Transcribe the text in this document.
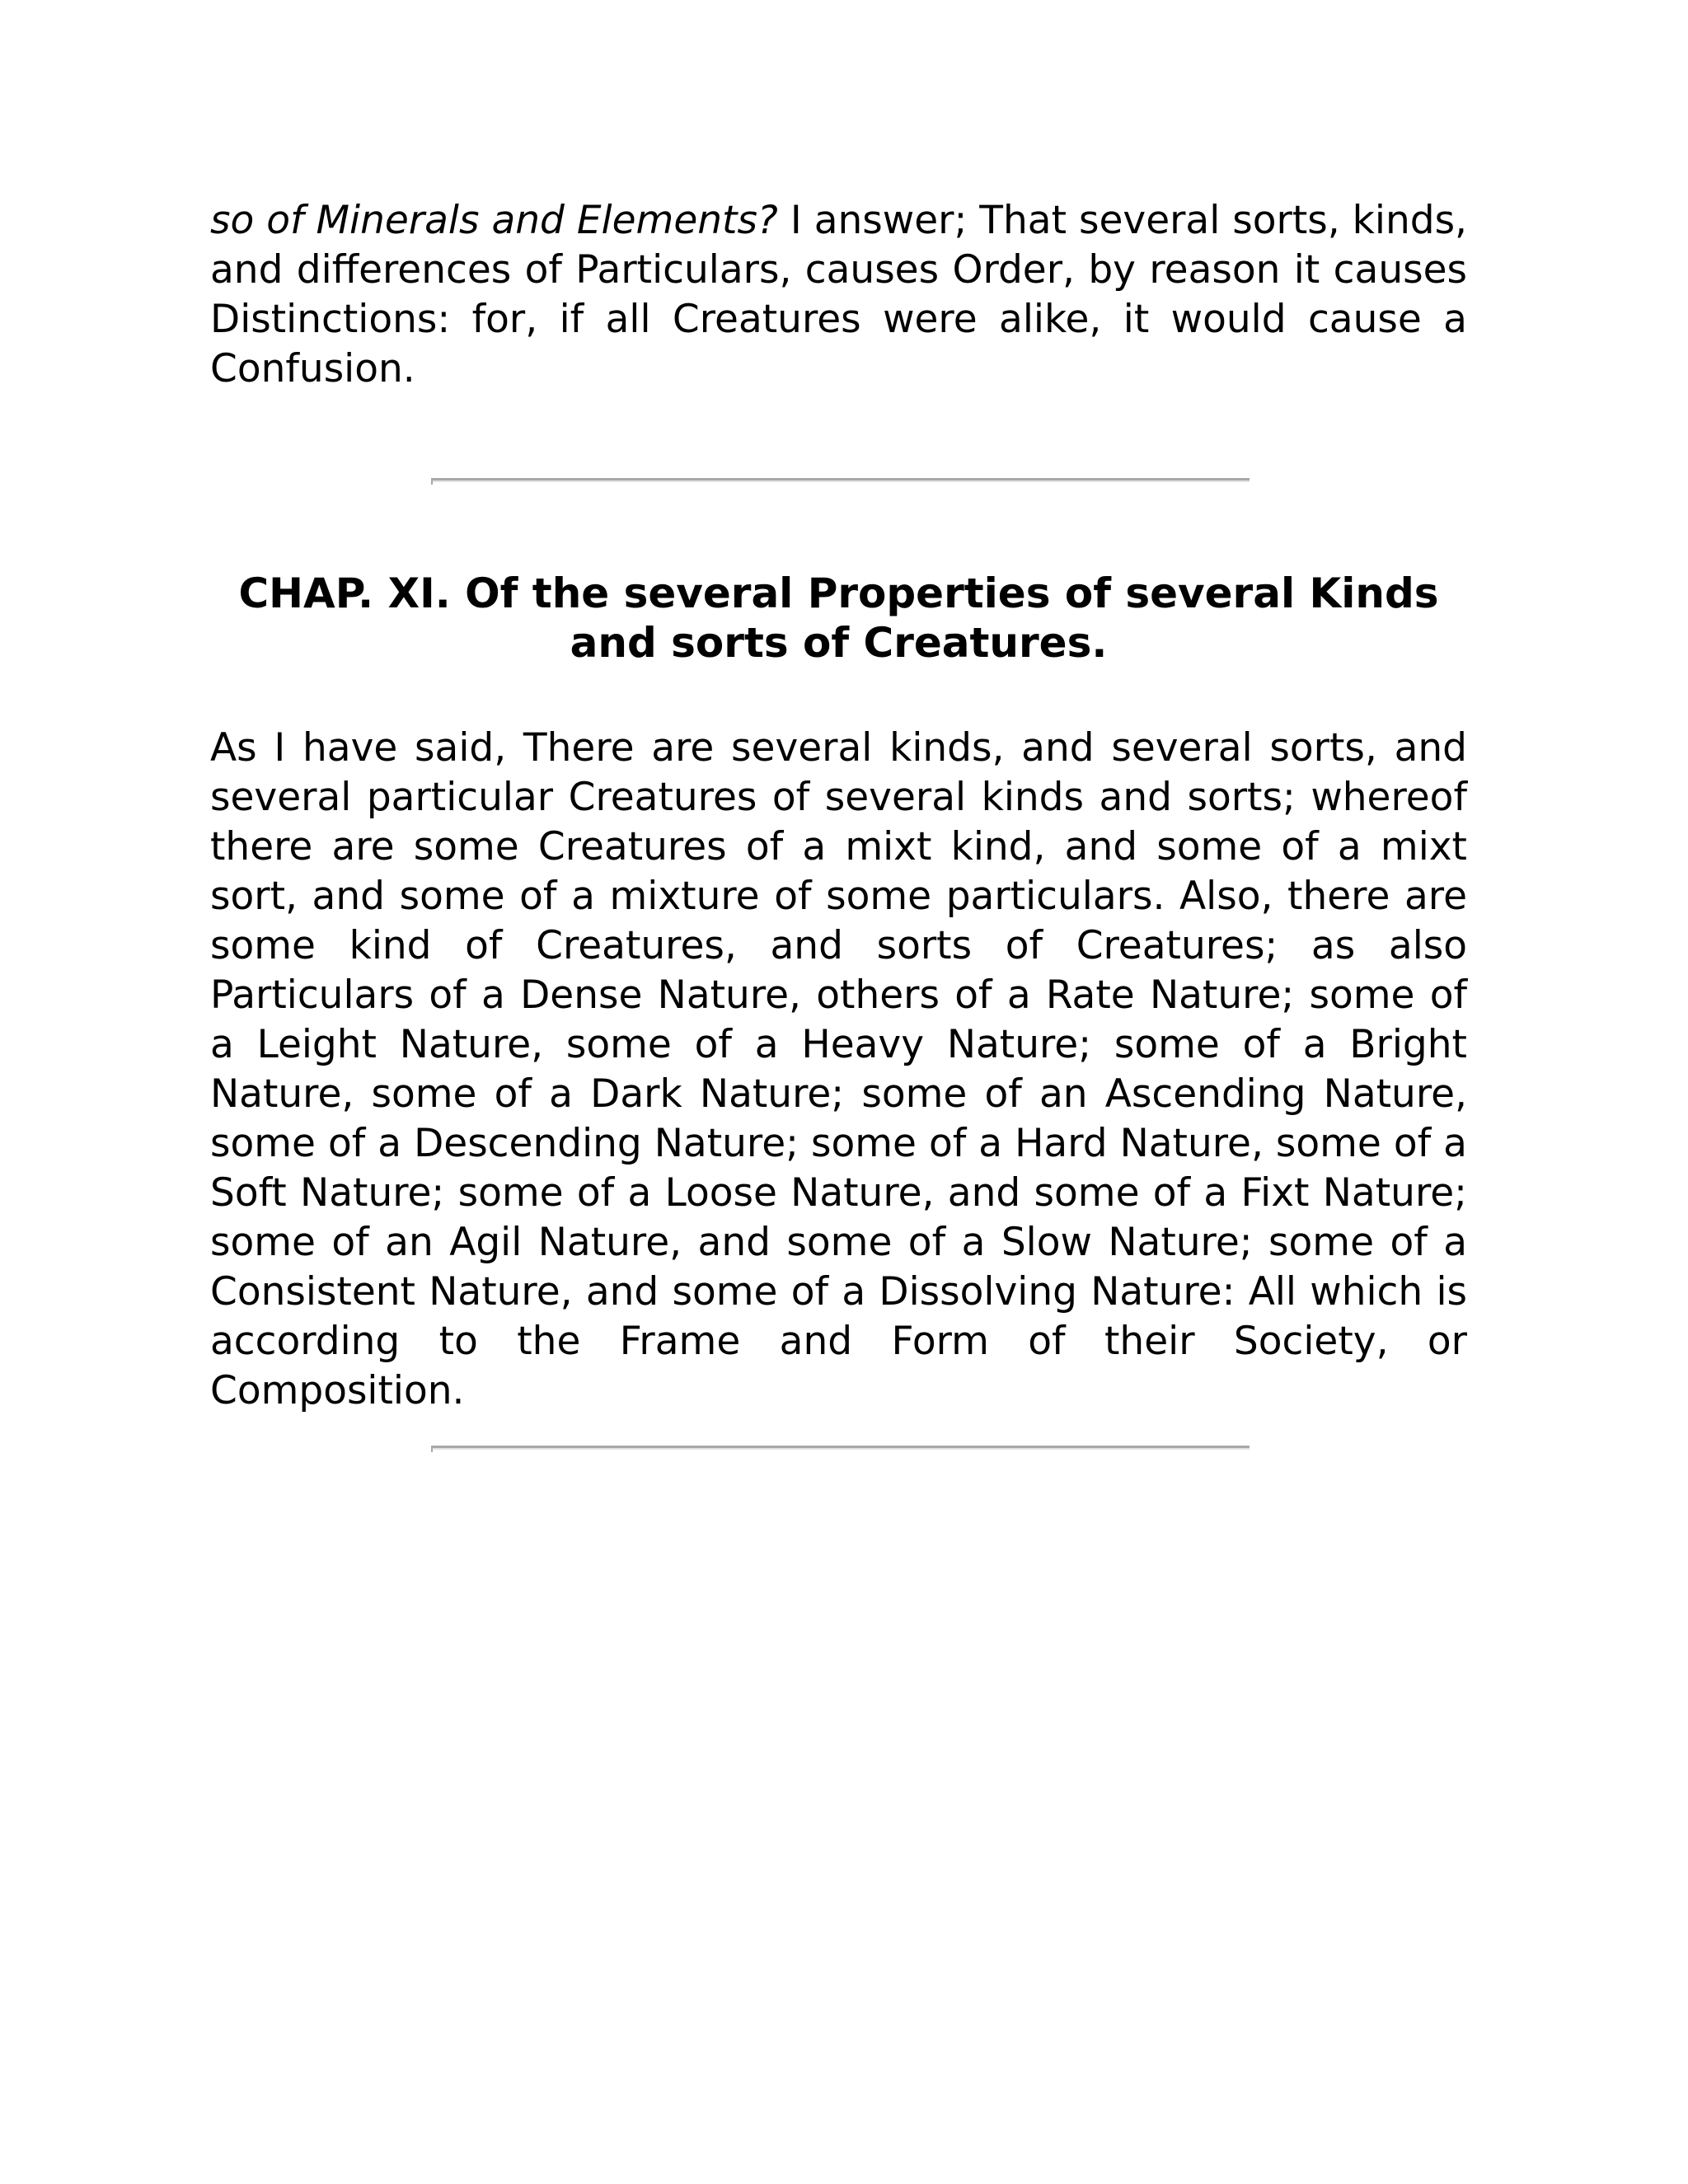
so of Minerals and Elements? I answer; That several sorts, kinds, and differences of Particulars, causes Order, by reason it causes Distinctions: for, if all Creatures were alike, it would cause a Confusion.

CHAP. XI. Of the several Properties of several Kinds and sorts of Creatures.

As I have said, There are several kinds, and several sorts, and several particular Creatures of several kinds and sorts; whereof there are some Creatures of a mixt kind, and some of a mixt sort, and some of a mixture of some particulars. Also, there are some kind of Creatures, and sorts of Creatures; as also Particulars of a Dense Nature, others of a Rate Nature; some of a Leight Nature, some of a Heavy Nature; some of a Bright Nature, some of a Dark Nature; some of an Ascending Nature, some of a Descending Nature; some of a Hard Nature, some of a Soft Nature; some of a Loose Nature, and some of a Fixt Nature; some of an Agil Nature, and some of a Slow Nature; some of a Consistent Nature, and some of a Dissolving Nature: All which is according to the Frame and Form of their Society, or Composition.
